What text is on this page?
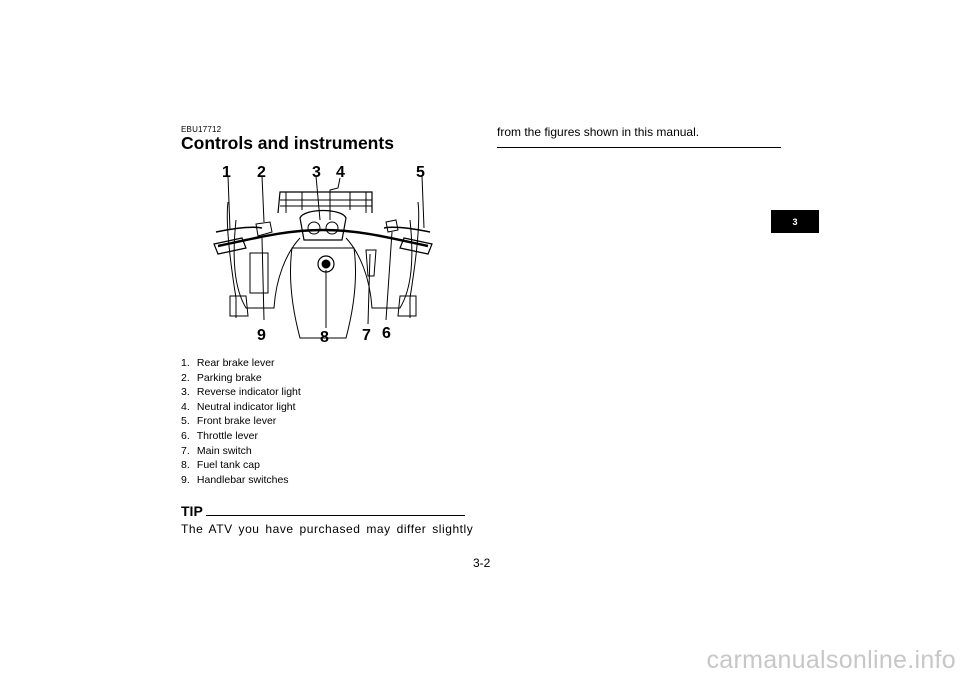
EBU17712
Controls and instruments
1 2	3 4	5
9	8 7 6
1. Rear brake lever
2. Parking brake
3. Reverse indicator light
4. Neutral indicator light
5. Front brake lever
6. Throttle lever
7. Main switch
8. Fuel tank cap
9. Handlebar switches
TIP
The ATV you have purchased may differ slightly
from the figures shown in this manual.
3-2
3
carmanualsonline.info
